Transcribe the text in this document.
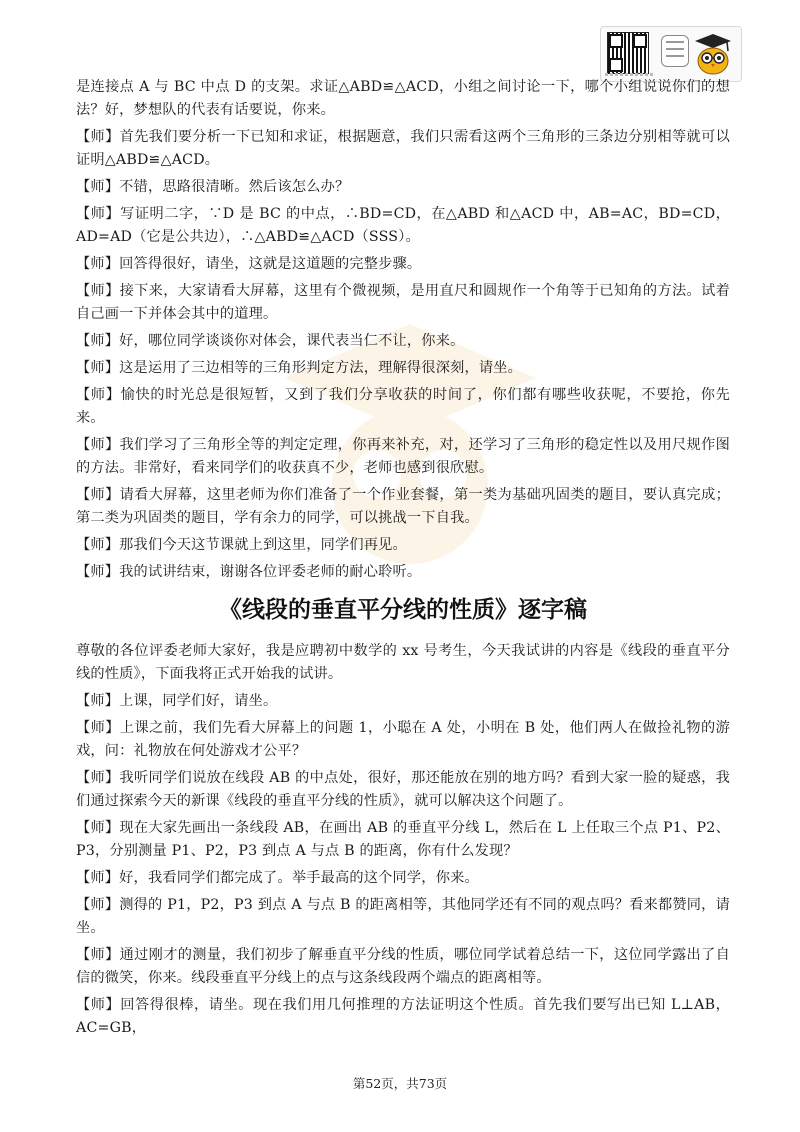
是连接点 A 与 BC 中点 D 的支架。求证△ABD≌△ACD，小组之间讨论一下，哪个小组说说你们的想法？好，梦想队的代表有话要说，你来。

【师】首先我们要分析一下已知和求证，根据题意，我们只需看这两个三角形的三条边分别相等就可以证明△ABD≌△ACD。

【师】不错，思路很清晰。然后该怎么办？

【师】写证明二字，∵D 是 BC 的中点，∴BD=CD，在△ABD 和△ACD 中，AB=AC，BD=CD，AD=AD（它是公共边），∴△ABD≌△ACD（SSS）。

【师】回答得很好，请坐，这就是这道题的完整步骤。

【师】接下来，大家请看大屏幕，这里有个微视频，是用直尺和圆规作一个角等于已知角的方法。试着自己画一下并体会其中的道理。

【师】好，哪位同学谈谈你对体会，课代表当仁不让，你来。

【师】这是运用了三边相等的三角形判定方法，理解得很深刻，请坐。

【师】愉快的时光总是很短暂，又到了我们分享收获的时间了，你们都有哪些收获呢，不要抢，你先来。

【师】我们学习了三角形全等的判定定理，你再来补充，对，还学习了三角形的稳定性以及用尺规作图的方法。非常好，看来同学们的收获真不少，老师也感到很欣慰。

【师】请看大屏幕，这里老师为你们准备了一个作业套餐，第一类为基础巩固类的题目，要认真完成；第二类为巩固类的题目，学有余力的同学，可以挑战一下自我。

【师】那我们今天这节课就上到这里，同学们再见。

【师】我的试讲结束，谢谢各位评委老师的耐心聆听。

《线段的垂直平分线的性质》逐字稿

尊敬的各位评委老师大家好，我是应聘初中数学的 xx 号考生，今天我试讲的内容是《线段的垂直平分线的性质》，下面我将正式开始我的试讲。

【师】上课，同学们好，请坐。

【师】上课之前，我们先看大屏幕上的问题 1，小聪在 A 处，小明在 B 处，他们两人在做捡礼物的游戏，问：礼物放在何处游戏才公平？

【师】我听同学们说放在线段 AB 的中点处，很好，那还能放在别的地方吗？看到大家一脸的疑惑，我们通过探索今天的新课《线段的垂直平分线的性质》，就可以解决这个问题了。

【师】现在大家先画出一条线段 AB，在画出 AB 的垂直平分线 L，然后在 L 上任取三个点 P1、P2、P3，分别测量 P1、P2，P3 到点 A 与点 B 的距离，你有什么发现？

【师】好，我看同学们都完成了。举手最高的这个同学，你来。

【师】测得的 P1，P2，P3 到点 A 与点 B 的距离相等，其他同学还有不同的观点吗？看来都赞同，请坐。

【师】通过刚才的测量，我们初步了解垂直平分线的性质，哪位同学试着总结一下，这位同学露出了自信的微笑，你来。线段垂直平分线上的点与这条线段两个端点的距离相等。

【师】回答得很棒，请坐。现在我们用几何推理的方法证明这个性质。首先我们要写出已知 L⊥AB，AC=GB，

第52页，共73页
